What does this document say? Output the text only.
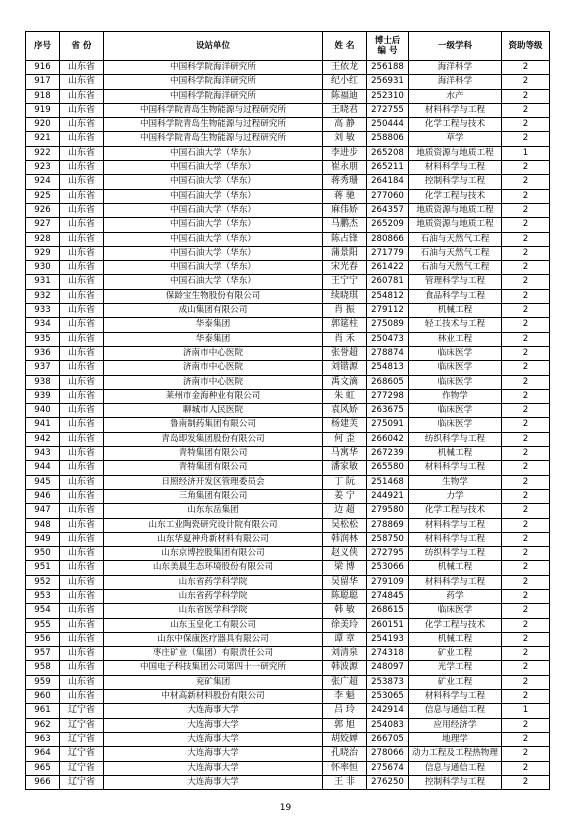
序号	省 份	设站单位	姓 名	博士后编 号	一级学科	资助等级
916	山东省	中国科学院海洋研究所	王依龙	256188	海洋科学	2
917	山东省	中国科学院海洋研究所	纪小红	256931	海洋科学	2
918	山东省	中国科学院海洋研究所	陈福迪	252310	水产	2
919	山东省	中国科学院青岛生物能源与过程研究所	王晓君	272755	材料科学与工程	2
920	山东省	中国科学院青岛生物能源与过程研究所	高 静	250444	化学工程与技术	2
921	山东省	中国科学院青岛生物能源与过程研究所	刘 敏	258806	草学	2
922	山东省	中国石油大学（华东）	李进步	265208	地质资源与地质工程	1
923	山东省	中国石油大学（华东）	崔永朋	265211	材料科学与工程	2
924	山东省	中国石油大学（华东）	蒋秀珊	264184	控制科学与工程	2
925	山东省	中国石油大学（华东）	蒋 驰	277060	化学工程与技术	2
926	山东省	中国石油大学（华东）	麻伟娇	264357	地质资源与地质工程	2
927	山东省	中国石油大学（华东）	马鹏杰	265209	地质资源与地质工程	2
928	山东省	中国石油大学（华东）	陈占锋	280866	石油与天然气工程	2
929	山东省	中国石油大学（华东）	蒲景阳	271779	石油与天然气工程	2
930	山东省	中国石油大学（华东）	宋光春	261422	石油与天然气工程	2
931	山东省	中国石油大学（华东）	王宁宁	260781	管理科学与工程	2
932	山东省	保龄宝生物股份有限公司	续晓琪	254812	食品科学与工程	2
933	山东省	成山集团有限公司	肖 振	279112	机械工程	2
934	山东省	华泰集团	郭筵柱	275089	轻工技术与工程	2
935	山东省	华泰集团	肖 禾	250473	林业工程	2
936	山东省	济南市中心医院	张誉超	278874	临床医学	2
937	山东省	济南市中心医院	刘锴源	254813	临床医学	2
938	山东省	济南市中心医院	禹文滴	268605	临床医学	2
939	山东省	莱州市金海种业有限公司	朱 虹	277298	作物学	2
940	山东省	聊城市人民医院	袁风娇	263675	临床医学	2
941	山东省	鲁南制药集团有限公司	杨建芙	275091	临床医学	2
942	山东省	青岛即发集团股份有限公司	何 歪	266042	纺织科学与工程	2
943	山东省	青特集团有限公司	马寓华	267239	机械工程	2
944	山东省	青特集团有限公司	潘家敏	265580	材料科学与工程	2
945	山东省	日照经济开发区管理委员会	丁 阮	251468	生物学	2
946	山东省	三角集团有限公司	姜 宁	244921	力学	2
947	山东省	山东东岳集团	边 超	279580	化学工程与技术	2
948	山东省	山东工业陶瓷研究设计院有限公司	吴松松	278869	材料科学与工程	2
949	山东省	山东华夏神舟新材料有限公司	韩润林	258750	材料科学与工程	2
950	山东省	山东京博控股集团有限公司	赵义侠	272795	纺织科学与工程	2
951	山东省	山东美晨生态环境股份有限公司	梁 博	253066	机械工程	2
952	山东省	山东省药学科学院	吴留华	279109	材料科学与工程	2
953	山东省	山东省药学科学院	陈聪聪	274845	药学	2
954	山东省	山东省医学科学院	韩 敏	268615	临床医学	2
955	山东省	山东玉皇化工有限公司	徐美玲	260151	化学工程与技术	2
956	山东省	山东中保康医疗器具有限公司	谭 章	254193	机械工程	2
957	山东省	枣庄矿业（集团）有限责任公司	刘清泉	274318	矿业工程	2
958	山东省	中国电子科技集团公司第四十一研究所	韩波源	248097	光学工程	2
959	山东省	兖矿集团	张广超	253873	矿业工程	2
960	山东省	中材高新材料股份有限公司	李 魁	253065	材料科学与工程	2
961	辽宁省	大连海事大学	吕 玲	242914	信息与通信工程	1
962	辽宁省	大连海事大学	郭 旭	254083	应用经济学	2
963	辽宁省	大连海事大学	胡姣婵	266705	地理学	2
964	辽宁省	大连海事大学	孔晓治	278066	动力工程及工程热物理	2
965	辽宁省	大连海事大学	怀率恒	275674	信息与通信工程	2
966	辽宁省	大连海事大学	王 非	276250	控制科学与工程	2
19
